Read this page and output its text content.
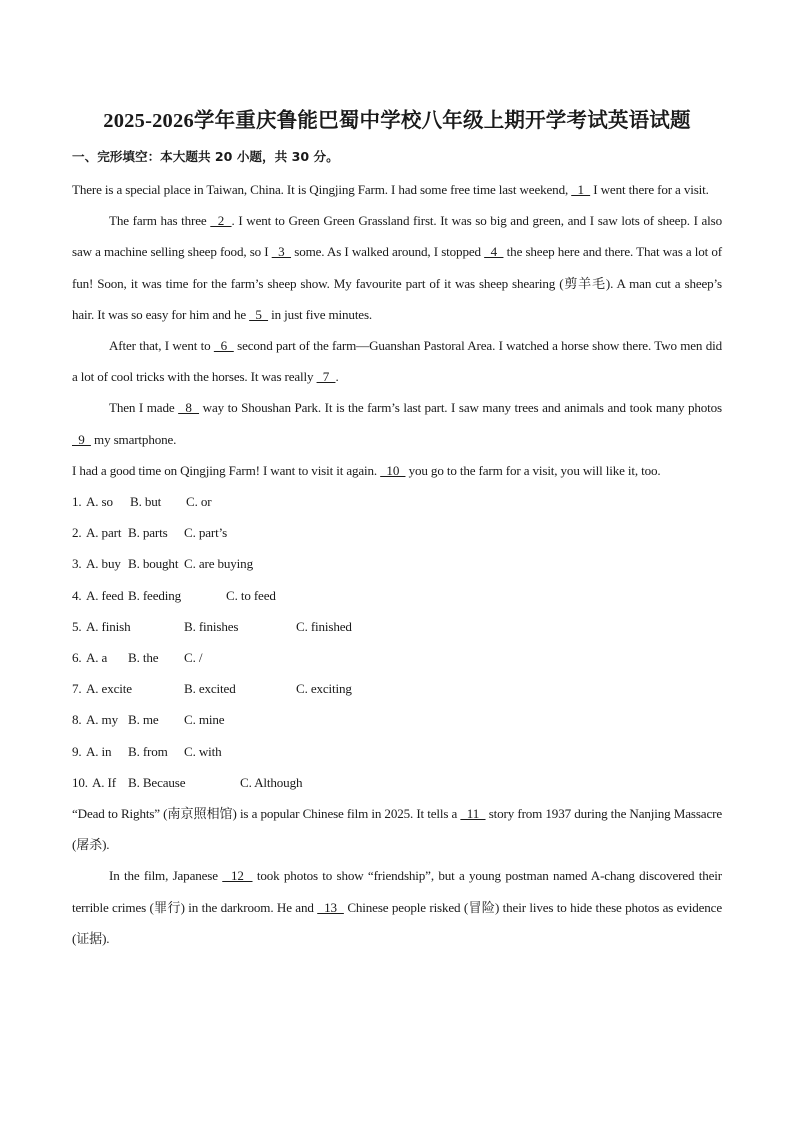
2025-2026学年重庆鲁能巴蜀中学校八年级上期开学考试英语试题
一、完形填空：本大题共 20 小题，共 30 分。

There is a special place in Taiwan, China. It is Qingjing Farm. I had some free time last weekend,   1   I went there for a visit.

The farm has three   2  . I went to Green Green Grassland first. It was so big and green, and I saw lots of sheep. I also saw a machine selling sheep food, so I   3   some. As I walked around, I stopped   4   the sheep here and there. That was a lot of fun! Soon, it was time for the farm’s sheep show. My favourite part of it was sheep shearing (剪羊毛). A man cut a sheep’s hair. It was so easy for him and he   5   in just five minutes.

After that, I went to   6   second part of the farm—Guanshan Pastoral Area. I watched a horse show there. Two men did a lot of cool tricks with the horses. It was really   7  .

Then I made   8   way to Shoushan Park. It is the farm’s last part. I saw many trees and animals and took many photos   9   my smartphone.

I had a good time on Qingjing Farm! I want to visit it again.   10   you go to the farm for a visit, you will like it, too.

1. A. so B. but C. or

2. A. part B. parts C. part’s

3. A. buy B. bought C. are buying

4. A. feed B. feeding	C. to feed

5. A. finish	B. finishes	C. finished

6. A. a B. the C. /

7. A. excite	B. excited	C. exciting

8. A. my B. me C. mine

9. A. in B. from C. with

10. A. If B. Because	C. Although

“Dead to Rights” (南京照相馆) is a popular Chinese film in 2025. It tells a   11   story from 1937 during the Nanjing Massacre (屠杀).

In the film, Japanese   12   took photos to show “friendship”, but a young postman named A-chang discovered their terrible crimes (罪行) in the darkroom. He and   13   Chinese people risked (冒险) their lives to hide these photos as evidence (证据).
